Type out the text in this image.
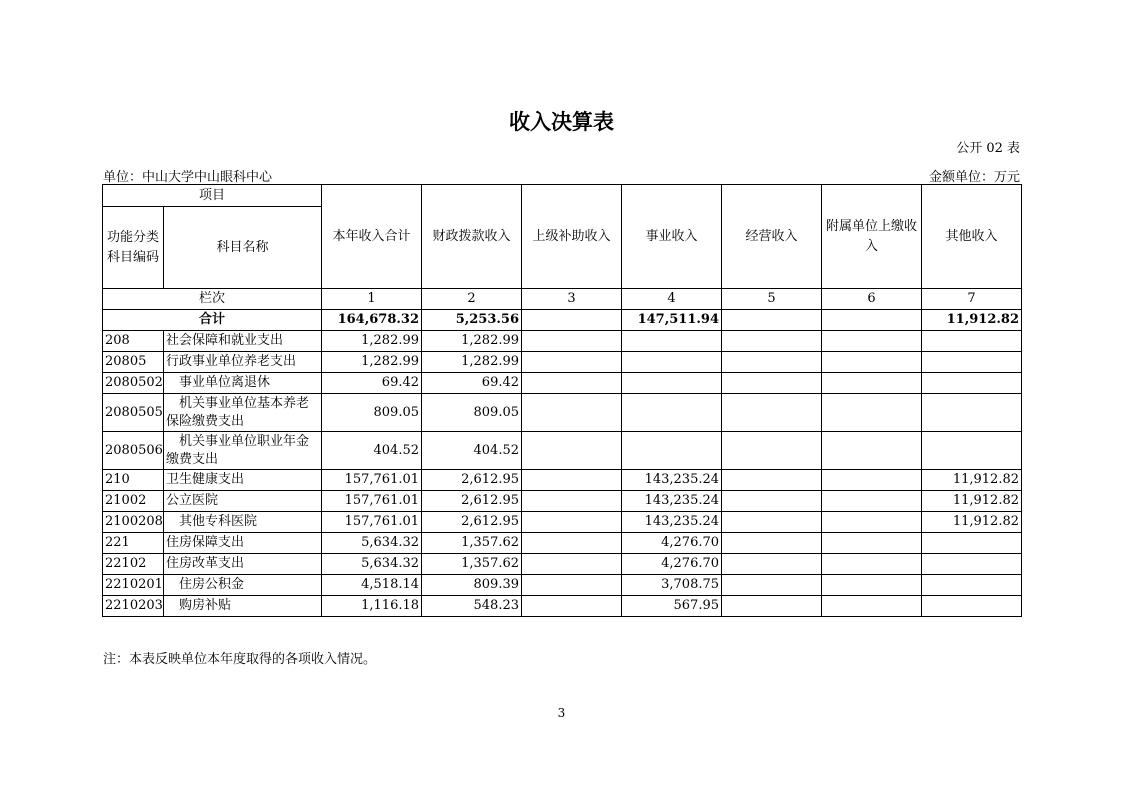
收入决算表
公开 02 表
单位：中山大学中山眼科中心	金额单位：万元
项目		本年收入合计	财政拨款收入	上级补助收入	事业收入	经营收入	附属单位上缴收入	其他收入
功能分类科目编码	科目名称							
栏次		1	2	3	4	5	6	7
合计		164,678.32	5,253.56		147,511.94			11,912.82
208	社会保障和就业支出	1,282.99	1,282.99					
20805	行政事业单位养老支出	1,282.99	1,282.99					
2080502	　事业单位离退休	69.42	69.42					
2080505	　机关事业单位基本养老保险缴费支出	809.05	809.05					
2080506	　机关事业单位职业年金缴费支出	404.52	404.52					
210	卫生健康支出	157,761.01	2,612.95		143,235.24			11,912.82
21002	公立医院	157,761.01	2,612.95		143,235.24			11,912.82
2100208	　其他专科医院	157,761.01	2,612.95		143,235.24			11,912.82
221	住房保障支出	5,634.32	1,357.62		4,276.70			
22102	住房改革支出	5,634.32	1,357.62		4,276.70			
2210201	　住房公积金	4,518.14	809.39		3,708.75			
2210203	　购房补贴	1,116.18	548.23		567.95			
注：本表反映单位本年度取得的各项收入情况。
3
